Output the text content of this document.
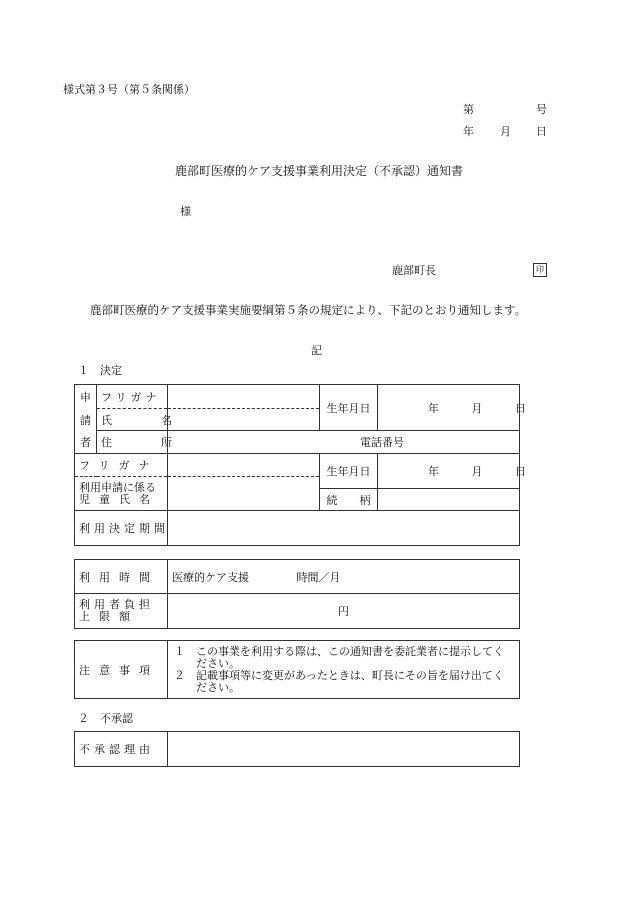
様式第３号（第５条関係）
第	号
年 月 日
鹿部町医療的ケア支援事業利用決定（不承認）通知書
様
鹿部町長	印
鹿部町医療的ケア支援事業実施要綱第５条の規定により、下記のとおり通知します。
記
１　決定
申	フリガナ		生年月日	年 月 日
請	氏　　名			
者	住　　所	電話番号		
フリガナ			生年月日	年 月 日

利用申請に係る
児童氏名				

			続　　柄	
利用決定期間				
利用時間	医療的ケア支援 時間／月

利用者負担
上限額	円
注意事項	
１　この事業を利用する際は、この通知書を委託業者に提示してください。
２　記載事項等に変更があったときは、町長にその旨を届け出てください。
２　不承認
不承認理由	
